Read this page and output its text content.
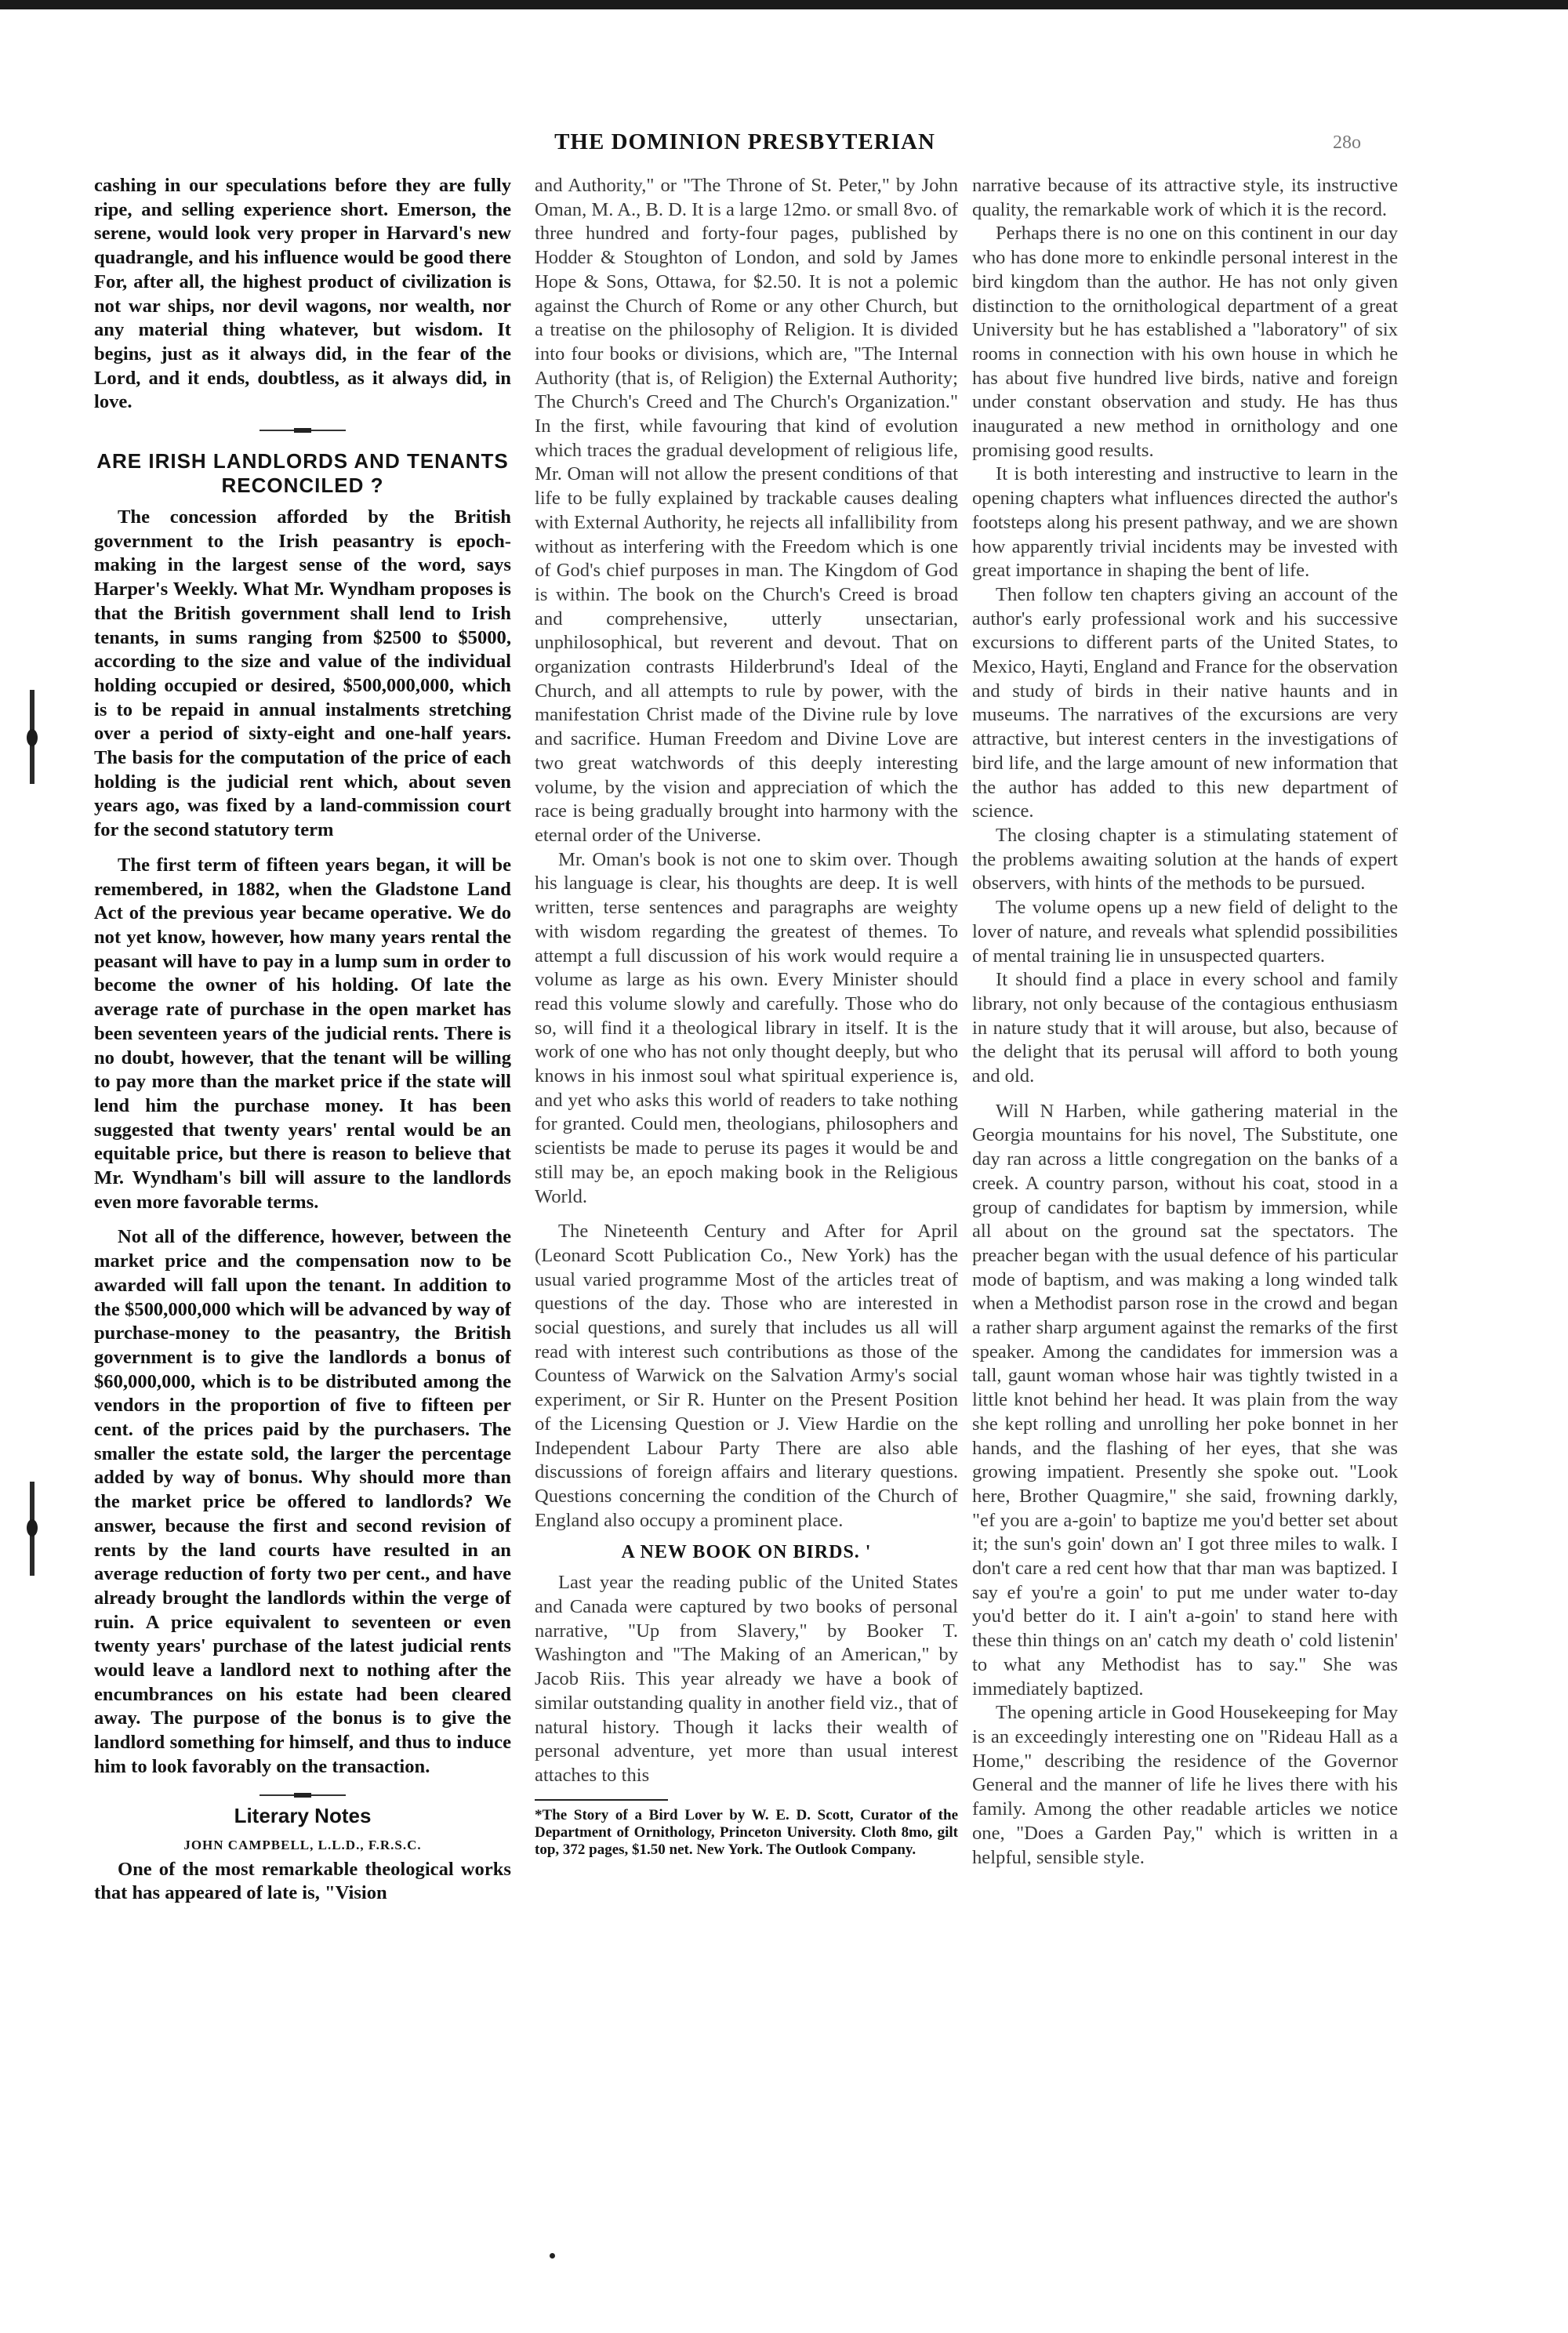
THE DOMINION PRESBYTERIAN	28o

cashing in our speculations before they are fully ripe, and selling experience short. Emerson, the serene, would look very proper in Harvard's new quadrangle, and his influence would be good there For, after all, the highest product of civilization is not war ships, nor devil wagons, nor wealth, nor any material thing whatever, but wisdom. It begins, just as it always did, in the fear of the Lord, and it ends, doubtless, as it always did, in love.

ARE IRISH LANDLORDS AND TENANTS RECONCILED ?

The concession afforded by the British government to the Irish peasantry is epoch-making in the largest sense of the word, says Harper's Weekly. What Mr. Wyndham proposes is that the British government shall lend to Irish tenants, in sums ranging from $2500 to $5000, according to the size and value of the individual holding occupied or desired, $500,000,000, which is to be repaid in annual instalments stretching over a period of sixty-eight and one-half years. The basis for the computation of the price of each holding is the judicial rent which, about seven years ago, was fixed by a land-commission court for the second statutory term

The first term of fifteen years began, it will be remembered, in 1882, when the Gladstone Land Act of the previous year became operative. We do not yet know, however, how many years rental the peasant will have to pay in a lump sum in order to become the owner of his holding. Of late the average rate of purchase in the open market has been seventeen years of the judicial rents. There is no doubt, however, that the tenant will be willing to pay more than the market price if the state will lend him the purchase money. It has been suggested that twenty years' rental would be an equitable price, but there is reason to believe that Mr. Wyndham's bill will assure to the landlords even more favorable terms.

Not all of the difference, however, between the market price and the compensation now to be awarded will fall upon the tenant. In addition to the $500,000,000 which will be advanced by way of purchase-money to the peasantry, the British government is to give the landlords a bonus of $60,000,000, which is to be distributed among the vendors in the proportion of five to fifteen per cent. of the prices paid by the purchasers. The smaller the estate sold, the larger the percentage added by way of bonus. Why should more than the market price be offered to landlords? We answer, because the first and second revision of rents by the land courts have resulted in an average reduction of forty two per cent., and have already brought the landlords within the verge of ruin. A price equivalent to seventeen or even twenty years' purchase of the latest judicial rents would leave a landlord next to nothing after the encumbrances on his estate had been cleared away. The purpose of the bonus is to give the landlord something for himself, and thus to induce him to look favorably on the transaction.

Literary Notes
JOHN CAMPBELL, L.L.D., F.R.S.C.

One of the most remarkable theological works that has appeared of late is, "Vision

and Authority," or "The Throne of St. Peter," by John Oman, M. A., B. D. It is a large 12mo. or small 8vo. of three hundred and forty-four pages, published by Hodder & Stoughton of London, and sold by James Hope & Sons, Ottawa, for $2.50. It is not a polemic against the Church of Rome or any other Church, but a treatise on the philosophy of Religion. It is divided into four books or divisions, which are, "The Internal Authority (that is, of Religion) the External Authority; The Church's Creed and The Church's Organization." In the first, while favouring that kind of evolution which traces the gradual development of religious life, Mr. Oman will not allow the present conditions of that life to be fully explained by trackable causes dealing with External Authority, he rejects all infallibility from without as interfering with the Freedom which is one of God's chief purposes in man. The Kingdom of God is within. The book on the Church's Creed is broad and comprehensive, utterly unsectarian, unphilosophical, but reverent and devout. That on organization contrasts Hilderbrund's Ideal of the Church, and all attempts to rule by power, with the manifestation Christ made of the Divine rule by love and sacrifice. Human Freedom and Divine Love are two great watchwords of this deeply interesting volume, by the vision and appreciation of which the race is being gradually brought into harmony with the eternal order of the Universe.

Mr. Oman's book is not one to skim over. Though his language is clear, his thoughts are deep. It is well written, terse sentences and paragraphs are weighty with wisdom regarding the greatest of themes. To attempt a full discussion of his work would require a volume as large as his own. Every Minister should read this volume slowly and carefully. Those who do so, will find it a theological library in itself. It is the work of one who has not only thought deeply, but who knows in his inmost soul what spiritual experience is, and yet who asks this world of readers to take nothing for granted. Could men, theologians, philosophers and scientists be made to peruse its pages it would be and still may be, an epoch making book in the Religious World.

The Nineteenth Century and After for April (Leonard Scott Publication Co., New York) has the usual varied programme Most of the articles treat of questions of the day. Those who are interested in social questions, and surely that includes us all will read with interest such contributions as those of the Countess of Warwick on the Salvation Army's social experiment, or Sir R. Hunter on the Present Position of the Licensing Question or J. View Hardie on the Independent Labour Party There are also able discussions of foreign affairs and literary questions. Questions concerning the condition of the Church of England also occupy a prominent place.

A NEW BOOK ON BIRDS. '

Last year the reading public of the United States and Canada were captured by two books of personal narrative, "Up from Slavery," by Booker T. Washington and "The Making of an American," by Jacob Riis. This year already we have a book of similar outstanding quality in another field viz., that of natural history. Though it lacks their wealth of personal adventure, yet more than usual interest attaches to this

*The Story of a Bird Lover by W. E. D. Scott, Curator of the Department of Ornithology, Princeton University. Cloth 8mo, gilt top, 372 pages, $1.50 net. New York. The Outlook Company.

narrative because of its attractive style, its instructive quality, the remarkable work of which it is the record.

Perhaps there is no one on this continent in our day who has done more to enkindle personal interest in the bird kingdom than the author. He has not only given distinction to the ornithological department of a great University but he has established a "laboratory" of six rooms in connection with his own house in which he has about five hundred live birds, native and foreign under constant observation and study. He has thus inaugurated a new method in ornithology and one promising good results.

It is both interesting and instructive to learn in the opening chapters what influences directed the author's footsteps along his present pathway, and we are shown how apparently trivial incidents may be invested with great importance in shaping the bent of life.

Then follow ten chapters giving an account of the author's early professional work and his successive excursions to different parts of the United States, to Mexico, Hayti, England and France for the observation and study of birds in their native haunts and in museums. The narratives of the excursions are very attractive, but interest centers in the investigations of bird life, and the large amount of new information that the author has added to this new department of science.

The closing chapter is a stimulating statement of the problems awaiting solution at the hands of expert observers, with hints of the methods to be pursued.

The volume opens up a new field of delight to the lover of nature, and reveals what splendid possibilities of mental training lie in unsuspected quarters.

It should find a place in every school and family library, not only because of the contagious enthusiasm in nature study that it will arouse, but also, because of the delight that its perusal will afford to both young and old.

Will N Harben, while gathering material in the Georgia mountains for his novel, The Substitute, one day ran across a little congregation on the banks of a creek. A country parson, without his coat, stood in a group of candidates for baptism by immersion, while all about on the ground sat the spectators. The preacher began with the usual defence of his particular mode of baptism, and was making a long winded talk when a Methodist parson rose in the crowd and began a rather sharp argument against the remarks of the first speaker. Among the candidates for immersion was a tall, gaunt woman whose hair was tightly twisted in a little knot behind her head. It was plain from the way she kept rolling and unrolling her poke bonnet in her hands, and the flashing of her eyes, that she was growing impatient. Presently she spoke out. "Look here, Brother Quagmire," she said, frowning darkly, "ef you are a-goin' to baptize me you'd better set about it; the sun's goin' down an' I got three miles to walk. I don't care a red cent how that thar man was baptized. I say ef you're a goin' to put me under water to-day you'd better do it. I ain't a-goin' to stand here with these thin things on an' catch my death o' cold listenin' to what any Methodist has to say." She was immediately baptized.

The opening article in Good Housekeeping for May is an exceedingly interesting one on "Rideau Hall as a Home," describing the residence of the Governor General and the manner of life he lives there with his family. Among the other readable articles we notice one, "Does a Garden Pay," which is written in a helpful, sensible style.
